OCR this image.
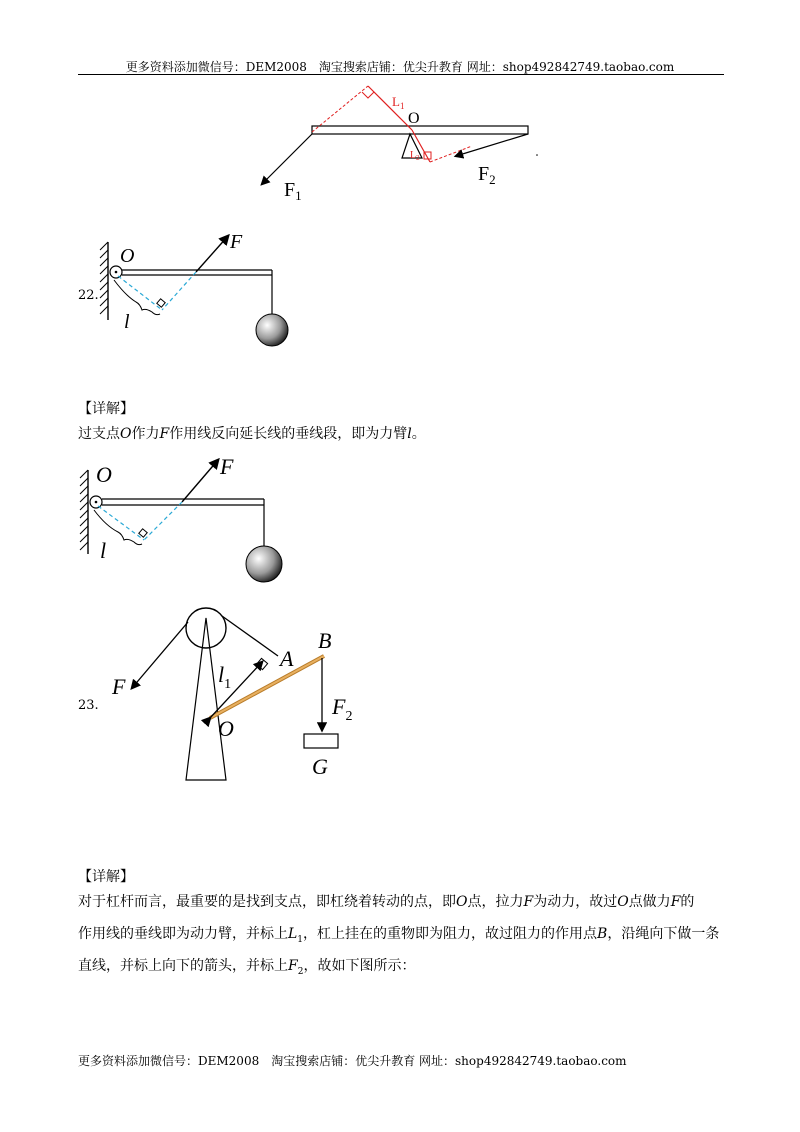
更多资料添加微信号：DEM2008　淘宝搜索店铺：优尖升教育 网址：shop492842749.taobao.com
$L_1$
O
$L_2$
$F_1$
$F_2$
22.
O
F
l
【详解】
过支点O作力F作用线反向延长线的垂线段，即为力臂l。
O	F
l
23.
F	$l_1$
A
B
O
$F_2$
G
【详解】
对于杠杆而言，最重要的是找到支点，即杠绕着转动的点，即O点，拉力F为动力，故过O点做力F的
作用线的垂线即为动力臂，并标上$L_1$，杠上挂在的重物即为阻力，故过阻力的作用点B，沿绳向下做一条
直线，并标上向下的箭头，并标上$F_2$，故如下图所示：
更多资料添加微信号：DEM2008　淘宝搜索店铺：优尖升教育 网址：shop492842749.taobao.com
